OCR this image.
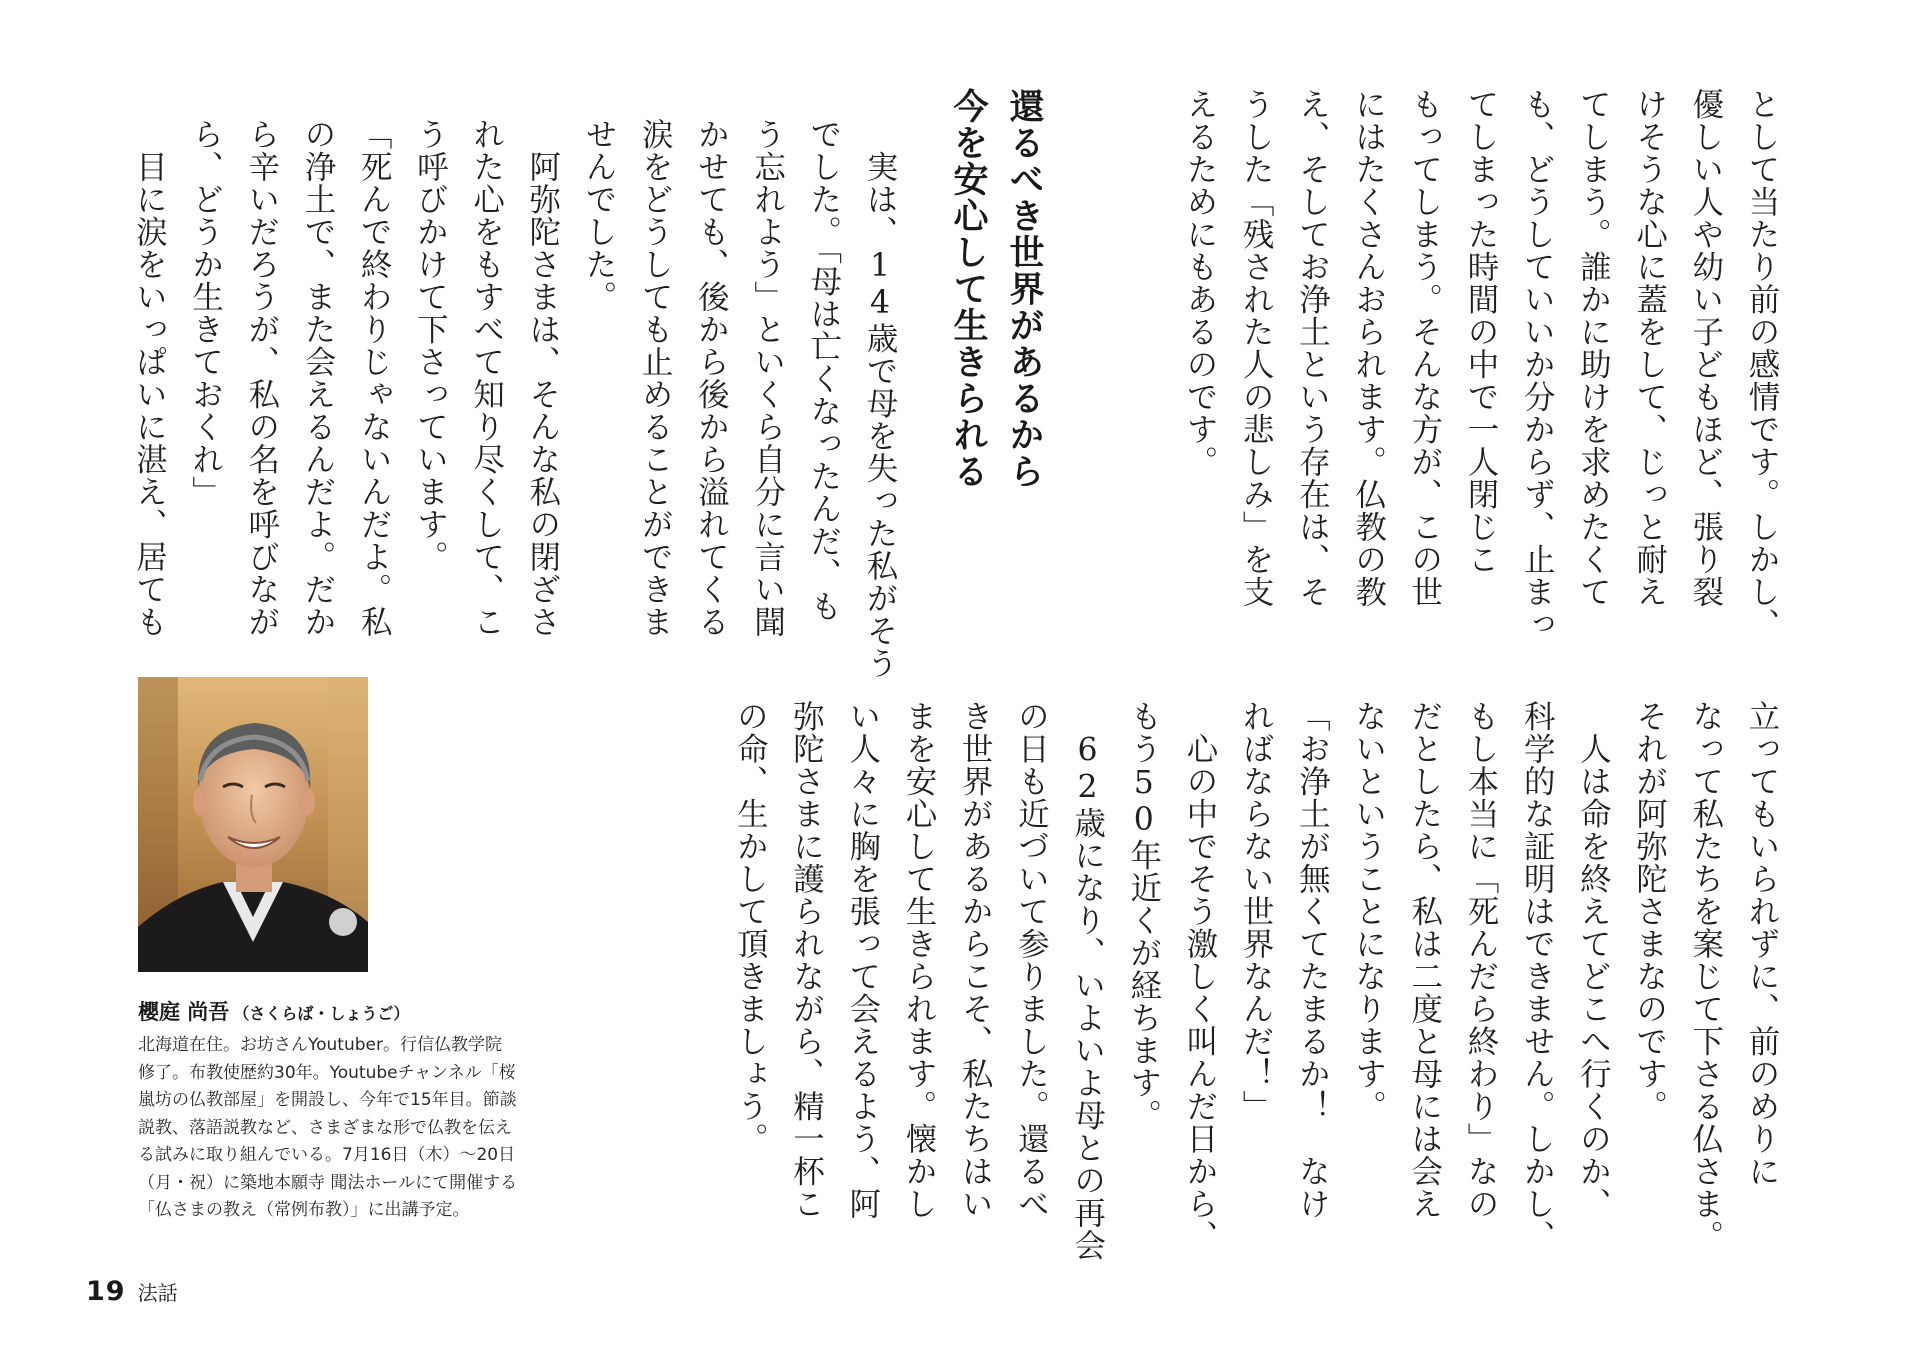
として当たり前の感情です。しかし、
優しい人や幼い子どもほど、張り裂
けそうな心に蓋をして、じっと耐え
てしまう。誰かに助けを求めたくて
も、どうしていいか分からず、止まっ
てしまった時間の中で一人閉じこ
もってしまう。そんな方が、この世
にはたくさんおられます。仏教の教
え、そしてお浄土という存在は、そ
うした「残された人の悲しみ」を支
えるためにもあるのです。

還るべき世界があるから
今を安心して生きられる

　実は、14歳で母を失った私がそう
でした。「母は亡くなったんだ、も
う忘れよう」といくら自分に言い聞
かせても、後から後から溢れてくる
涙をどうしても止めることができま
せんでした。
　阿弥陀さまは、そんな私の閉ざさ
れた心をもすべて知り尽くして、こ
う呼びかけて下さっています。
「死んで終わりじゃないんだよ。私
の浄土で、また会えるんだよ。だか
ら辛いだろうが、私の名を呼びなが
ら、どうか生きておくれ」
　目に涙をいっぱいに湛え、居ても

立ってもいられずに、前のめりに
なって私たちを案じて下さる仏さま。
それが阿弥陀さまなのです。
　人は命を終えてどこへ行くのか、
科学的な証明はできません。しかし、
もし本当に「死んだら終わり」なの
だとしたら、私は二度と母には会え
ないということになります。
「お浄土が無くてたまるか！　なけ
ればならない世界なんだ！」
　心の中でそう激しく叫んだ日から、
もう50年近くが経ちます。
　62歳になり、いよいよ母との再会
の日も近づいて参りました。還るべ
き世界があるからこそ、私たちはい
まを安心して生きられます。懐かし
い人々に胸を張って会えるよう、阿
弥陀さまに護られながら、精一杯こ
の命、生かして頂きましょう。

櫻庭 尚吾 （さくらば・しょうご）

北海道在住。お坊さんYoutuber。行信仏教学院
修了。布教使歴約30年。Youtubeチャンネル「桜
嵐坊の仏教部屋」を開設し、今年で15年目。節談
説教、落語説教など、さまざまな形で仏教を伝え
る試みに取り組んでいる。7月16日（木）～20日
（月・祝）に築地本願寺 聞法ホールにて開催する
「仏さまの教え（常例布教）」に出講予定。

19 法話
